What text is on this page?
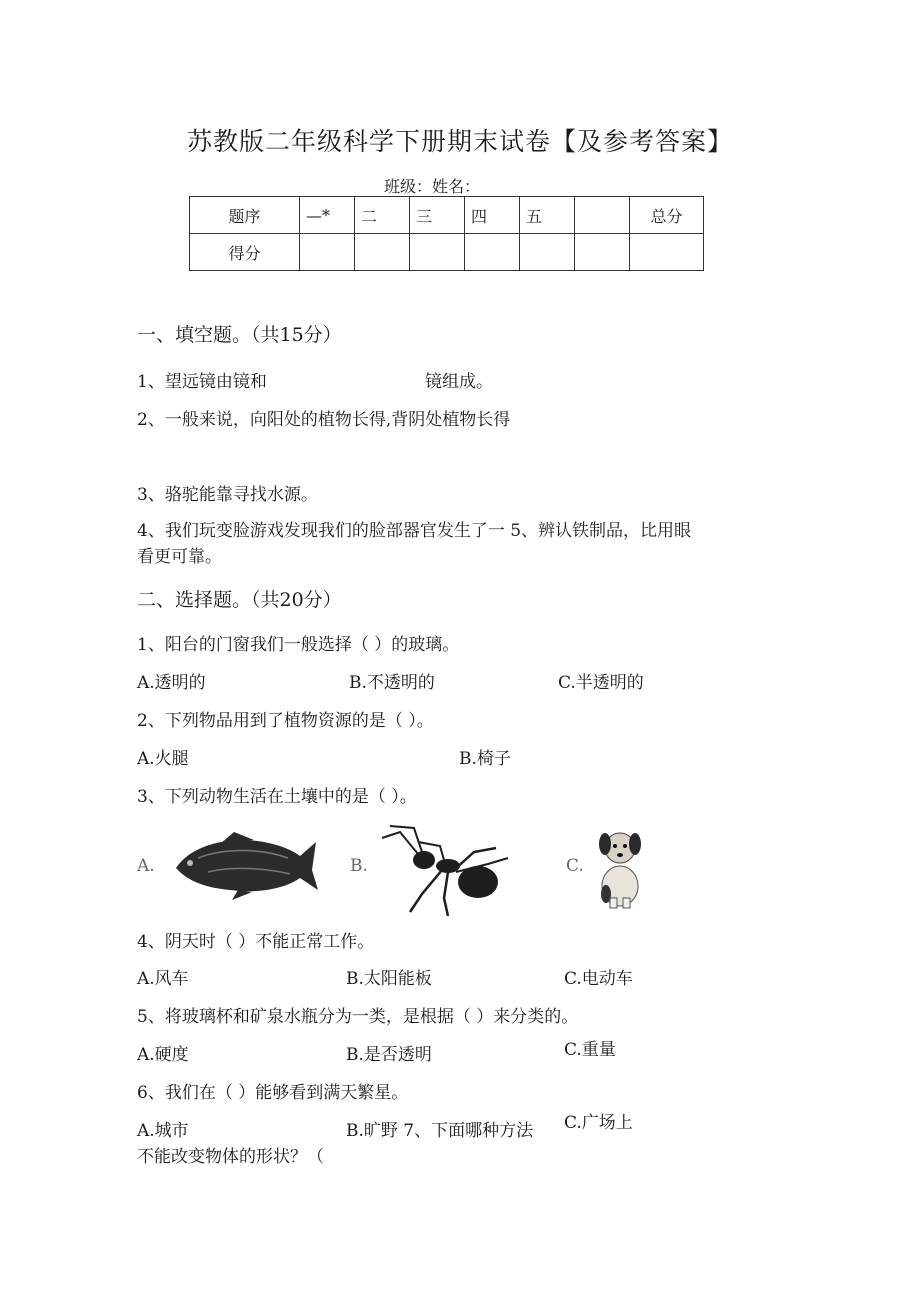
苏教版二年级科学下册期末试卷【及参考答案】
班级：姓名：
题序	—*	二	三	四	五		总分
得分							
一、填空题。（共15分）
1、望远镜由镜和	镜组成。
2、一般来说，向阳处的植物长得,背阴处植物长得
3、骆驼能靠寻找水源。
4、我们玩变脸游戏发现我们的脸部器官发生了一 5、辨认铁制品，比用眼
看更可靠。
二、选择题。（共20分）
1、阳台的门窗我们一般选择（ ）的玻璃。
A.透明的	B.不透明的	C.半透明的
2、下列物品用到了植物资源的是（ ）。
A.火腿	B.椅子
3、下列动物生活在土壤中的是（ ）。
A.	B.	C.
4、阴天时（ ）不能正常工作。
A.风车	B.太阳能板	C.电动车
5、将玻璃杯和矿泉水瓶分为一类，是根据（ ）来分类的。
A.硬度	B.是否透明	C.重量
6、我们在（ ）能够看到满天繁星。
A.城市	B.旷野 7、下面哪种方法 C.广场上
不能改变物体的形状？（
